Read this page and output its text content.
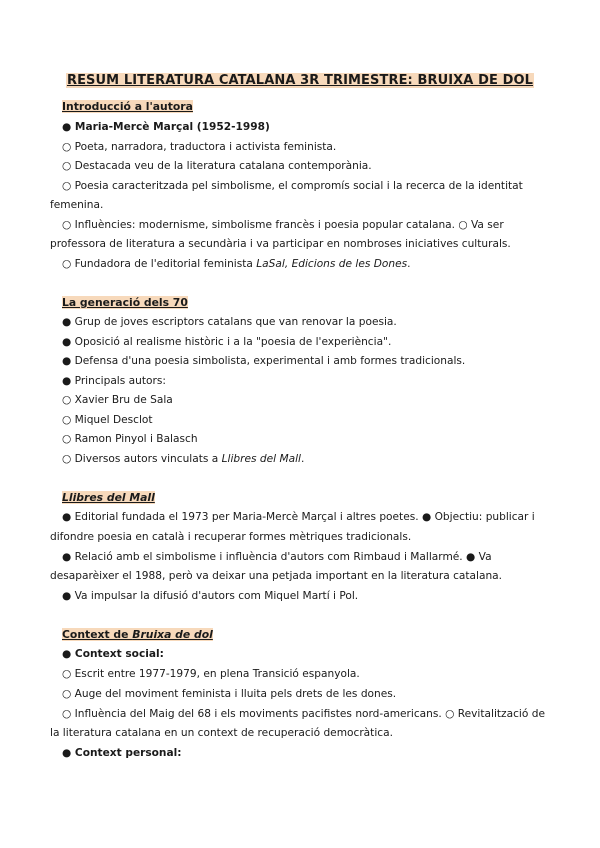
RESUM LITERATURA CATALANA 3R TRIMESTRE: BRUIXA DE DOL
Introducció a l'autora
● Maria-Mercè Marçal (1952-1998)
○ Poeta, narradora, traductora i activista feminista.
○ Destacada veu de la literatura catalana contemporània.
○ Poesia caracteritzada pel simbolisme, el compromís social i la recerca de la identitat
femenina.
○ Influències: modernisme, simbolisme francès i poesia popular catalana. ○ Va ser
professora de literatura a secundària i va participar en nombroses iniciatives culturals.
○ Fundadora de l'editorial feminista LaSal, Edicions de les Dones.
La generació dels 70
● Grup de joves escriptors catalans que van renovar la poesia.
● Oposició al realisme històric i a la "poesia de l'experiència".
● Defensa d'una poesia simbolista, experimental i amb formes tradicionals.
● Principals autors:
○ Xavier Bru de Sala
○ Miquel Desclot
○ Ramon Pinyol i Balasch
○ Diversos autors vinculats a Llibres del Mall.
Llibres del Mall
● Editorial fundada el 1973 per Maria-Mercè Marçal i altres poetes. ● Objectiu: publicar i
difondre poesia en català i recuperar formes mètriques tradicionals.
● Relació amb el simbolisme i influència d'autors com Rimbaud i Mallarmé. ● Va
desaparèixer el 1988, però va deixar una petjada important en la literatura catalana.
● Va impulsar la difusió d'autors com Miquel Martí i Pol.
Context de Bruixa de dol
● Context social:
○ Escrit entre 1977-1979, en plena Transició espanyola.
○ Auge del moviment feminista i lluita pels drets de les dones.
○ Influència del Maig del 68 i els moviments pacifistes nord-americans. ○ Revitalització de
la literatura catalana en un context de recuperació democràtica.
● Context personal:
